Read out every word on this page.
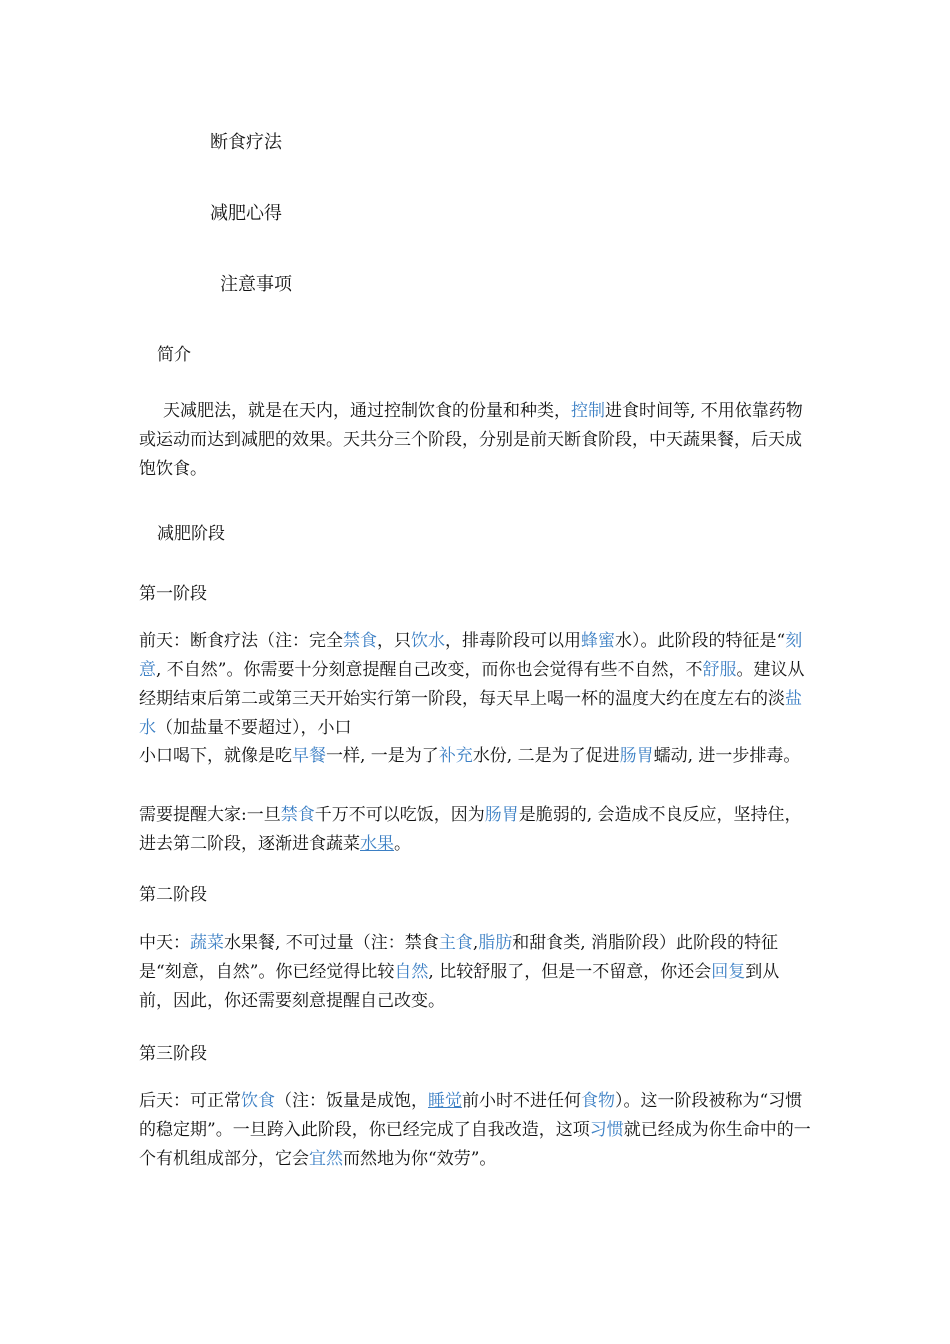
断食疗法
减肥心得
注意事项
简介
天减肥法，就是在天内，通过控制饮食的份量和种类，控制进食时间等, 不用依靠药物或运动而达到减肥的效果。天共分三个阶段，分别是前天断食阶段，中天蔬果餐，后天成饱饮食。
减肥阶段
第一阶段
前天：断食疗法（注：完全禁食，只饮水，排毒阶段可以用蜂蜜水）。此阶段的特征是“刻意, 不自然”。你需要十分刻意提醒自己改变，而你也会觉得有些不自然，不舒服。建议从经期结束后第二或第三天开始实行第一阶段，每天早上喝一杯的温度大约在度左右的淡盐水（加盐量不要超过），小口
小口喝下，就像是吃早餐一样, 一是为了补充水份, 二是为了促进肠胃蠕动, 进一步排毒。
需要提醒大家:一旦禁食千万不可以吃饭，因为肠胃是脆弱的, 会造成不良反应，坚持住，进去第二阶段，逐渐进食蔬菜水果。
第二阶段
中天：蔬菜水果餐, 不可过量（注：禁食主食,脂肪和甜食类, 消脂阶段）此阶段的特征是“刻意，自然”。你已经觉得比较自然, 比较舒服了，但是一不留意，你还会回复到从前，因此，你还需要刻意提醒自己改变。
第三阶段
后天：可正常饮食（注：饭量是成饱，睡觉前小时不进任何食物）。这一阶段被称为“习惯的稳定期”。一旦跨入此阶段，你已经完成了自我改造，这项习惯就已经成为你生命中的一个有机组成部分，它会宜然而然地为你“效劳”。
